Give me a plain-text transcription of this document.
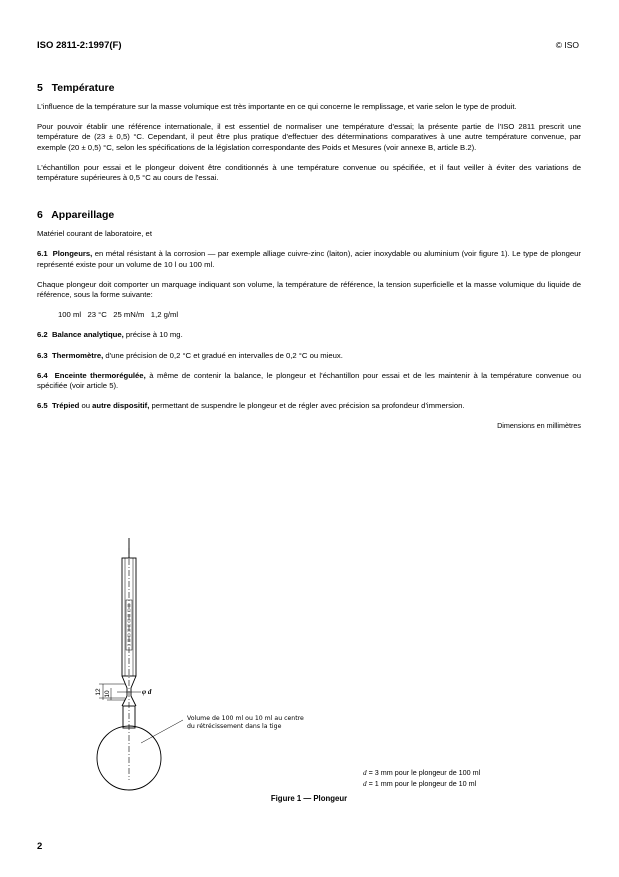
ISO 2811-2:1997(F)	© ISO
5 Température

L'influence de la température sur la masse volumique est très importante en ce qui concerne le remplissage, et varie selon le type de produit.

Pour pouvoir établir une référence internationale, il est essentiel de normaliser une température d'essai; la présente partie de l'ISO 2811 prescrit une température de (23 ± 0,5) °C. Cependant, il peut être plus pratique d'effectuer des déterminations comparatives à une autre température convenue, par exemple (20 ± 0,5) °C, selon les spécifications de la législation correspondante des Poids et Mesures (voir annexe B, article B.2).

L'échantillon pour essai et le plongeur doivent être conditionnés à une température convenue ou spécifiée, et il faut veiller à éviter des variations de température supérieures à 0,5 °C au cours de l'essai.

6 Appareillage

Matériel courant de laboratoire, et

6.1 Plongeurs, en métal résistant à la corrosion — par exemple alliage cuivre-zinc (laiton), acier inoxydable ou aluminium (voir figure 1). Le type de plongeur représenté existe pour un volume de 10 l ou 100 ml.

Chaque plongeur doit comporter un marquage indiquant son volume, la température de référence, la tension superficielle et la masse volumique du liquide de référence, sous la forme suivante:

100 ml   23 °C   25 mN/m   1,2 g/ml

6.2 Balance analytique, précise à 10 mg.

6.3 Thermomètre, d'une précision de 0,2 °C et gradué en intervalles de 0,2 °C ou mieux.

6.4 Enceinte thermorégulée, à même de contenir la balance, le plongeur et l'échantillon pour essai et de les maintenir à la température convenue ou spécifiée (voir article 5).

6.5 Trépied ou autre dispositif, permettant de suspendre le plongeur et de régler avec précision sa profondeur d'immersion.

Dimensions en millimètres

12 10	φ d
Volume de 100 ml ou 10 ml au centre
du rétrécissement dans la tige
d = 3 mm pour le plongeur de 100 ml
d = 1 mm pour le plongeur de 10 ml
Figure 1 — Plongeur
2
